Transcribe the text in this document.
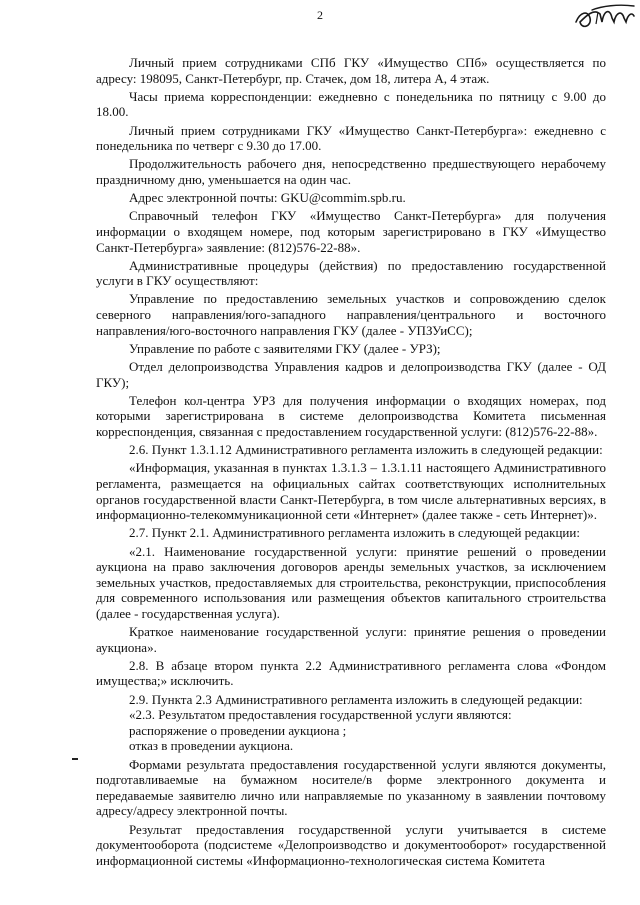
2

Личный прием сотрудниками СПб ГКУ «Имущество СПб» осуществляется по адресу: 198095, Санкт-Петербург, пр. Стачек, дом 18, литера А, 4 этаж.

Часы приема корреспонденции: ежедневно с понедельника по пятницу с 9.00 до 18.00.

Личный прием сотрудниками ГКУ «Имущество Санкт-Петербурга»: ежедневно с понедельника по четверг с 9.30 до 17.00.

Продолжительность рабочего дня, непосредственно предшествующего нерабочему праздничному дню, уменьшается на один час.

Адрес электронной почты: GKU@commim.spb.ru.

Справочный телефон ГКУ «Имущество Санкт-Петербурга» для получения информации о входящем номере, под которым зарегистрировано в ГКУ «Имущество Санкт-Петербурга» заявление: (812)576-22-88».

Административные процедуры (действия) по предоставлению государственной услуги в ГКУ осуществляют:

Управление по предоставлению земельных участков и сопровождению сделок северного направления/юго-западного направления/центрального и восточного направления/юго-восточного направления ГКУ (далее - УПЗУиСС);

Управление по работе с заявителями ГКУ (далее - УРЗ);

Отдел делопроизводства Управления кадров и делопроизводства ГКУ (далее - ОД ГКУ);

Телефон кол-центра УРЗ для получения информации о входящих номерах, под которыми зарегистрирована в системе делопроизводства Комитета письменная корреспонденция, связанная с предоставлением государственной услуги: (812)576-22-88».

2.6. Пункт 1.3.1.12 Административного регламента изложить в следующей редакции:

«Информация, указанная в пунктах 1.3.1.3 – 1.3.1.11 настоящего Административного регламента, размещается на официальных сайтах соответствующих исполнительных органов государственной власти Санкт-Петербурга, в том числе альтернативных версиях, в информационно-телекоммуникационной сети «Интернет» (далее также - сеть Интернет)».

2.7. Пункт 2.1. Административного регламента изложить в следующей редакции:

«2.1. Наименование государственной услуги: принятие решений о проведении аукциона на право заключения договоров аренды земельных участков, за исключением земельных участков, предоставляемых для строительства, реконструкции, приспособления для современного использования или размещения объектов капитального строительства (далее - государственная услуга).

Краткое наименование государственной услуги: принятие решения о проведении аукциона».

2.8. В абзаце втором пункта 2.2 Административного регламента слова «Фондом имущества;» исключить.

2.9. Пункта 2.3 Административного регламента изложить в следующей редакции:

«2.3. Результатом предоставления государственной услуги являются:

распоряжение о проведении аукциона ;

отказ в проведении аукциона.

Формами результата предоставления государственной услуги являются документы, подготавливаемые на бумажном носителе/в форме электронного документа и передаваемые заявителю лично или направляемые по указанному в заявлении почтовому адресу/адресу электронной почты.

Результат предоставления государственной услуги учитывается в системе документооборота (подсистеме «Делопроизводство и документооборот» государственной информационной системы «Информационно-технологическая система Комитета
